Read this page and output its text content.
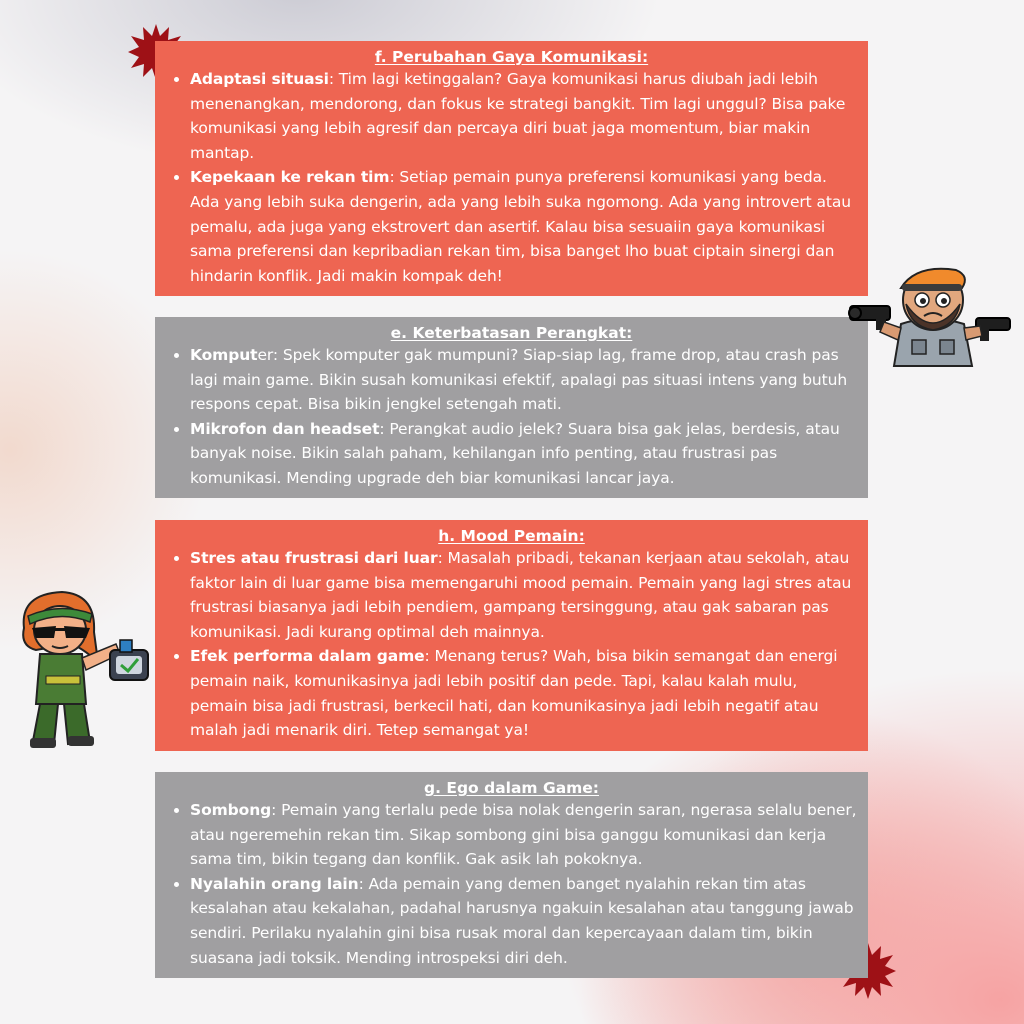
f. Perubahan Gaya Komunikasi:
• Adaptasi situasi: Tim lagi ketinggalan? Gaya komunikasi harus diubah jadi lebih menenangkan, mendorong, dan fokus ke strategi bangkit. Tim lagi unggul? Bisa pake komunikasi yang lebih agresif dan percaya diri buat jaga momentum, biar makin mantap.
• Kepekaan ke rekan tim: Setiap pemain punya preferensi komunikasi yang beda. Ada yang lebih suka dengerin, ada yang lebih suka ngomong. Ada yang introvert atau pemalu, ada juga yang ekstrovert dan asertif. Kalau bisa sesuaiin gaya komunikasi sama preferensi dan kepribadian rekan tim, bisa banget lho buat ciptain sinergi dan hindarin konflik. Jadi makin kompak deh!
e. Keterbatasan Perangkat:
• Komputer: Spek komputer gak mumpuni? Siap-siap lag, frame drop, atau crash pas lagi main game. Bikin susah komunikasi efektif, apalagi pas situasi intens yang butuh respons cepat. Bisa bikin jengkel setengah mati.
• Mikrofon dan headset: Perangkat audio jelek? Suara bisa gak jelas, berdesis, atau banyak noise. Bikin salah paham, kehilangan info penting, atau frustrasi pas komunikasi. Mending upgrade deh biar komunikasi lancar jaya.
h. Mood Pemain:
• Stres atau frustrasi dari luar: Masalah pribadi, tekanan kerjaan atau sekolah, atau faktor lain di luar game bisa memengaruhi mood pemain. Pemain yang lagi stres atau frustrasi biasanya jadi lebih pendiem, gampang tersinggung, atau gak sabaran pas komunikasi. Jadi kurang optimal deh mainnya.
• Efek performa dalam game: Menang terus? Wah, bisa bikin semangat dan energi pemain naik, komunikasinya jadi lebih positif dan pede. Tapi, kalau kalah mulu, pemain bisa jadi frustrasi, berkecil hati, dan komunikasinya jadi lebih negatif atau malah jadi menarik diri. Tetep semangat ya!
g. Ego dalam Game:
• Sombong: Pemain yang terlalu pede bisa nolak dengerin saran, ngerasa selalu bener, atau ngeremehin rekan tim. Sikap sombong gini bisa ganggu komunikasi dan kerja sama tim, bikin tegang dan konflik. Gak asik lah pokoknya.
• Nyalahin orang lain: Ada pemain yang demen banget nyalahin rekan tim atas kesalahan atau kekalahan, padahal harusnya ngakuin kesalahan atau tanggung jawab sendiri. Perilaku nyalahin gini bisa rusak moral dan kepercayaan dalam tim, bikin suasana jadi toksik. Mending introspeksi diri deh.
